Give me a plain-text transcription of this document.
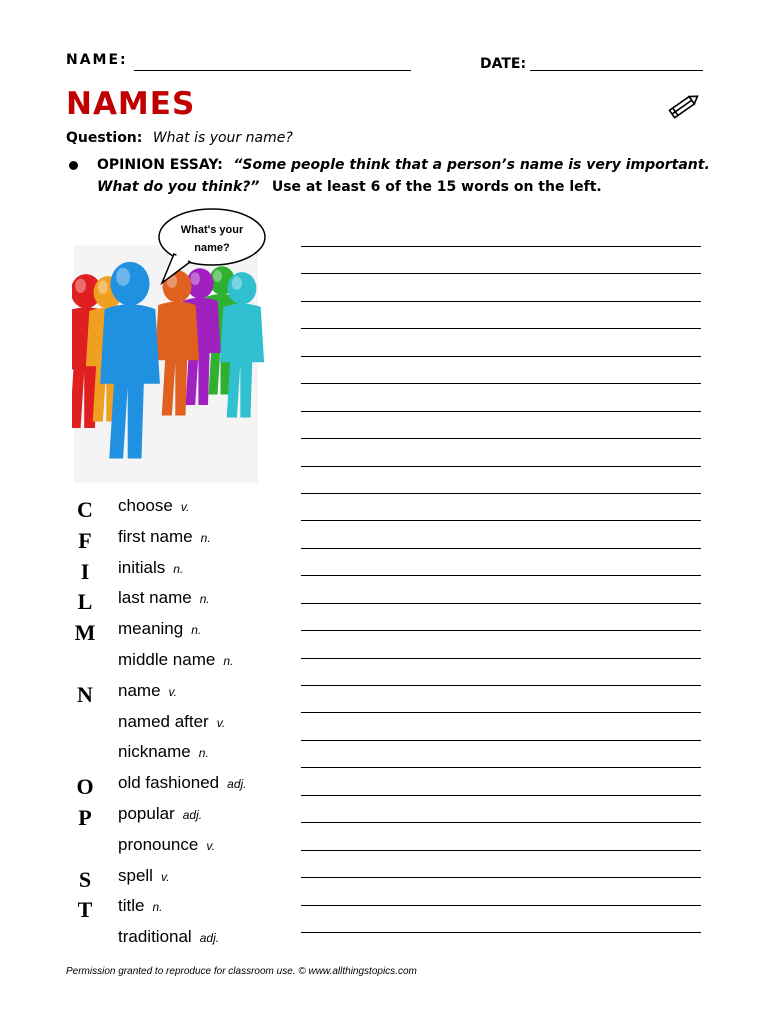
NAME:	DATE:
NAMES
Question: What is your name?
OPINION ESSAY: “Some people think that a person’s name is very important.
What do you think?” Use at least 6 of the 15 words on the left.
What's your
name?
C choose v.
F	first name n.
I	initials n.
L	last name n.
M meaning n.
middle name n.
N name v.
named after v.
nickname n.
O old fashioned adj.
P	popular adj.
pronounce v.
S	spell v.
T	title n.
traditional adj.
Permission granted to reproduce for classroom use. © www.allthingstopics.com
